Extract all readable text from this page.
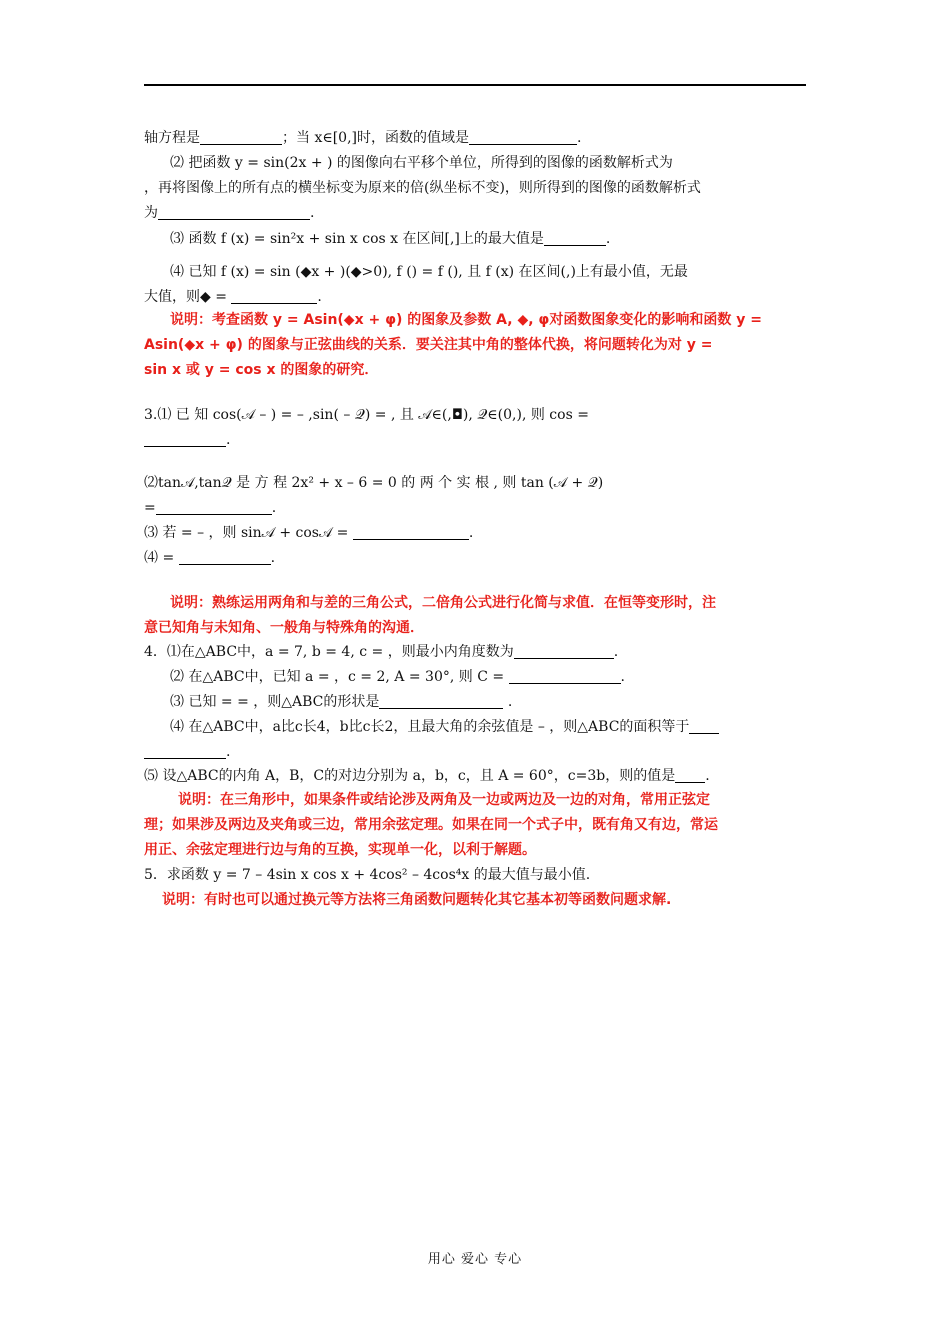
轴方程是	；当 x∈[0,]时，函数的值域是	.
⑵ 把函数 y = sin(2x + ) 的图像向右平移个单位，所得到的图像的函数解析式为
，再将图像上的所有点的横坐标变为原来的倍(纵坐标不变)，则所得到的图像的函数解析式
为	.
⑶ 函数 f (x) = sin²x + sin x cos x 在区间[,]上的最大值是	.
⑷ 已知 f (x) = sin (◆x + )(◆>0), f () = f (), 且 f (x) 在区间(,)上有最小值，无最
大值，则◆ =	.
说明：考查函数 y = Asin(◆x + φ) 的图象及参数 A, ◆, φ对函数图象变化的影响和函数 y =
Asin(◆x + φ) 的图象与正弦曲线的关系．要关注其中角的整体代换，将问题转化为对 y =
sin x 或 y = cos x 的图象的研究．
3.⑴ 已 知 cos(𝒜 – ) = – ,sin( – 𝒬) = , 且 𝒜∈(,◘), 𝒬∈(0,), 则 cos =
.
⑵tan𝒜,tan𝒬 是 方 程 2x² + x – 6 = 0 的 两 个 实 根 , 则 tan (𝒜 + 𝒬)
=	.
⑶ 若 = – ，则 sin𝒜 + cos𝒜 =	.
⑷ =	.
说明：熟练运用两角和与差的三角公式，二倍角公式进行化简与求值．在恒等变形时，注
意已知角与未知角、一般角与特殊角的沟通．
4．⑴在△ABC中，a = 7, b = 4, c = ，则最小内角度数为	.
⑵ 在△ABC中，已知 a = ，c = 2, A = 30°, 则 C =	.
⑶ 已知 = = ，则△ABC的形状是	.
⑷ 在△ABC中，a比c长4，b比c长2，且最大角的余弦值是 – ，则△ABC的面积等于
.
⑸ 设△ABC的内角 A，B，C的对边分别为 a，b，c，且 A = 60°，c=3b，则的值是 .
说明：在三角形中，如果条件或结论涉及两角及一边或两边及一边的对角，常用正弦定
理；如果涉及两边及夹角或三边，常用余弦定理。如果在同一个式子中，既有角又有边，常运
用正、余弦定理进行边与角的互换，实现单一化，以利于解题。
5．求函数 y = 7 – 4sin x cos x + 4cos² – 4cos⁴x 的最大值与最小值.
说明：有时也可以通过换元等方法将三角函数问题转化其它基本初等函数问题求解.
用心 爱心 专心
